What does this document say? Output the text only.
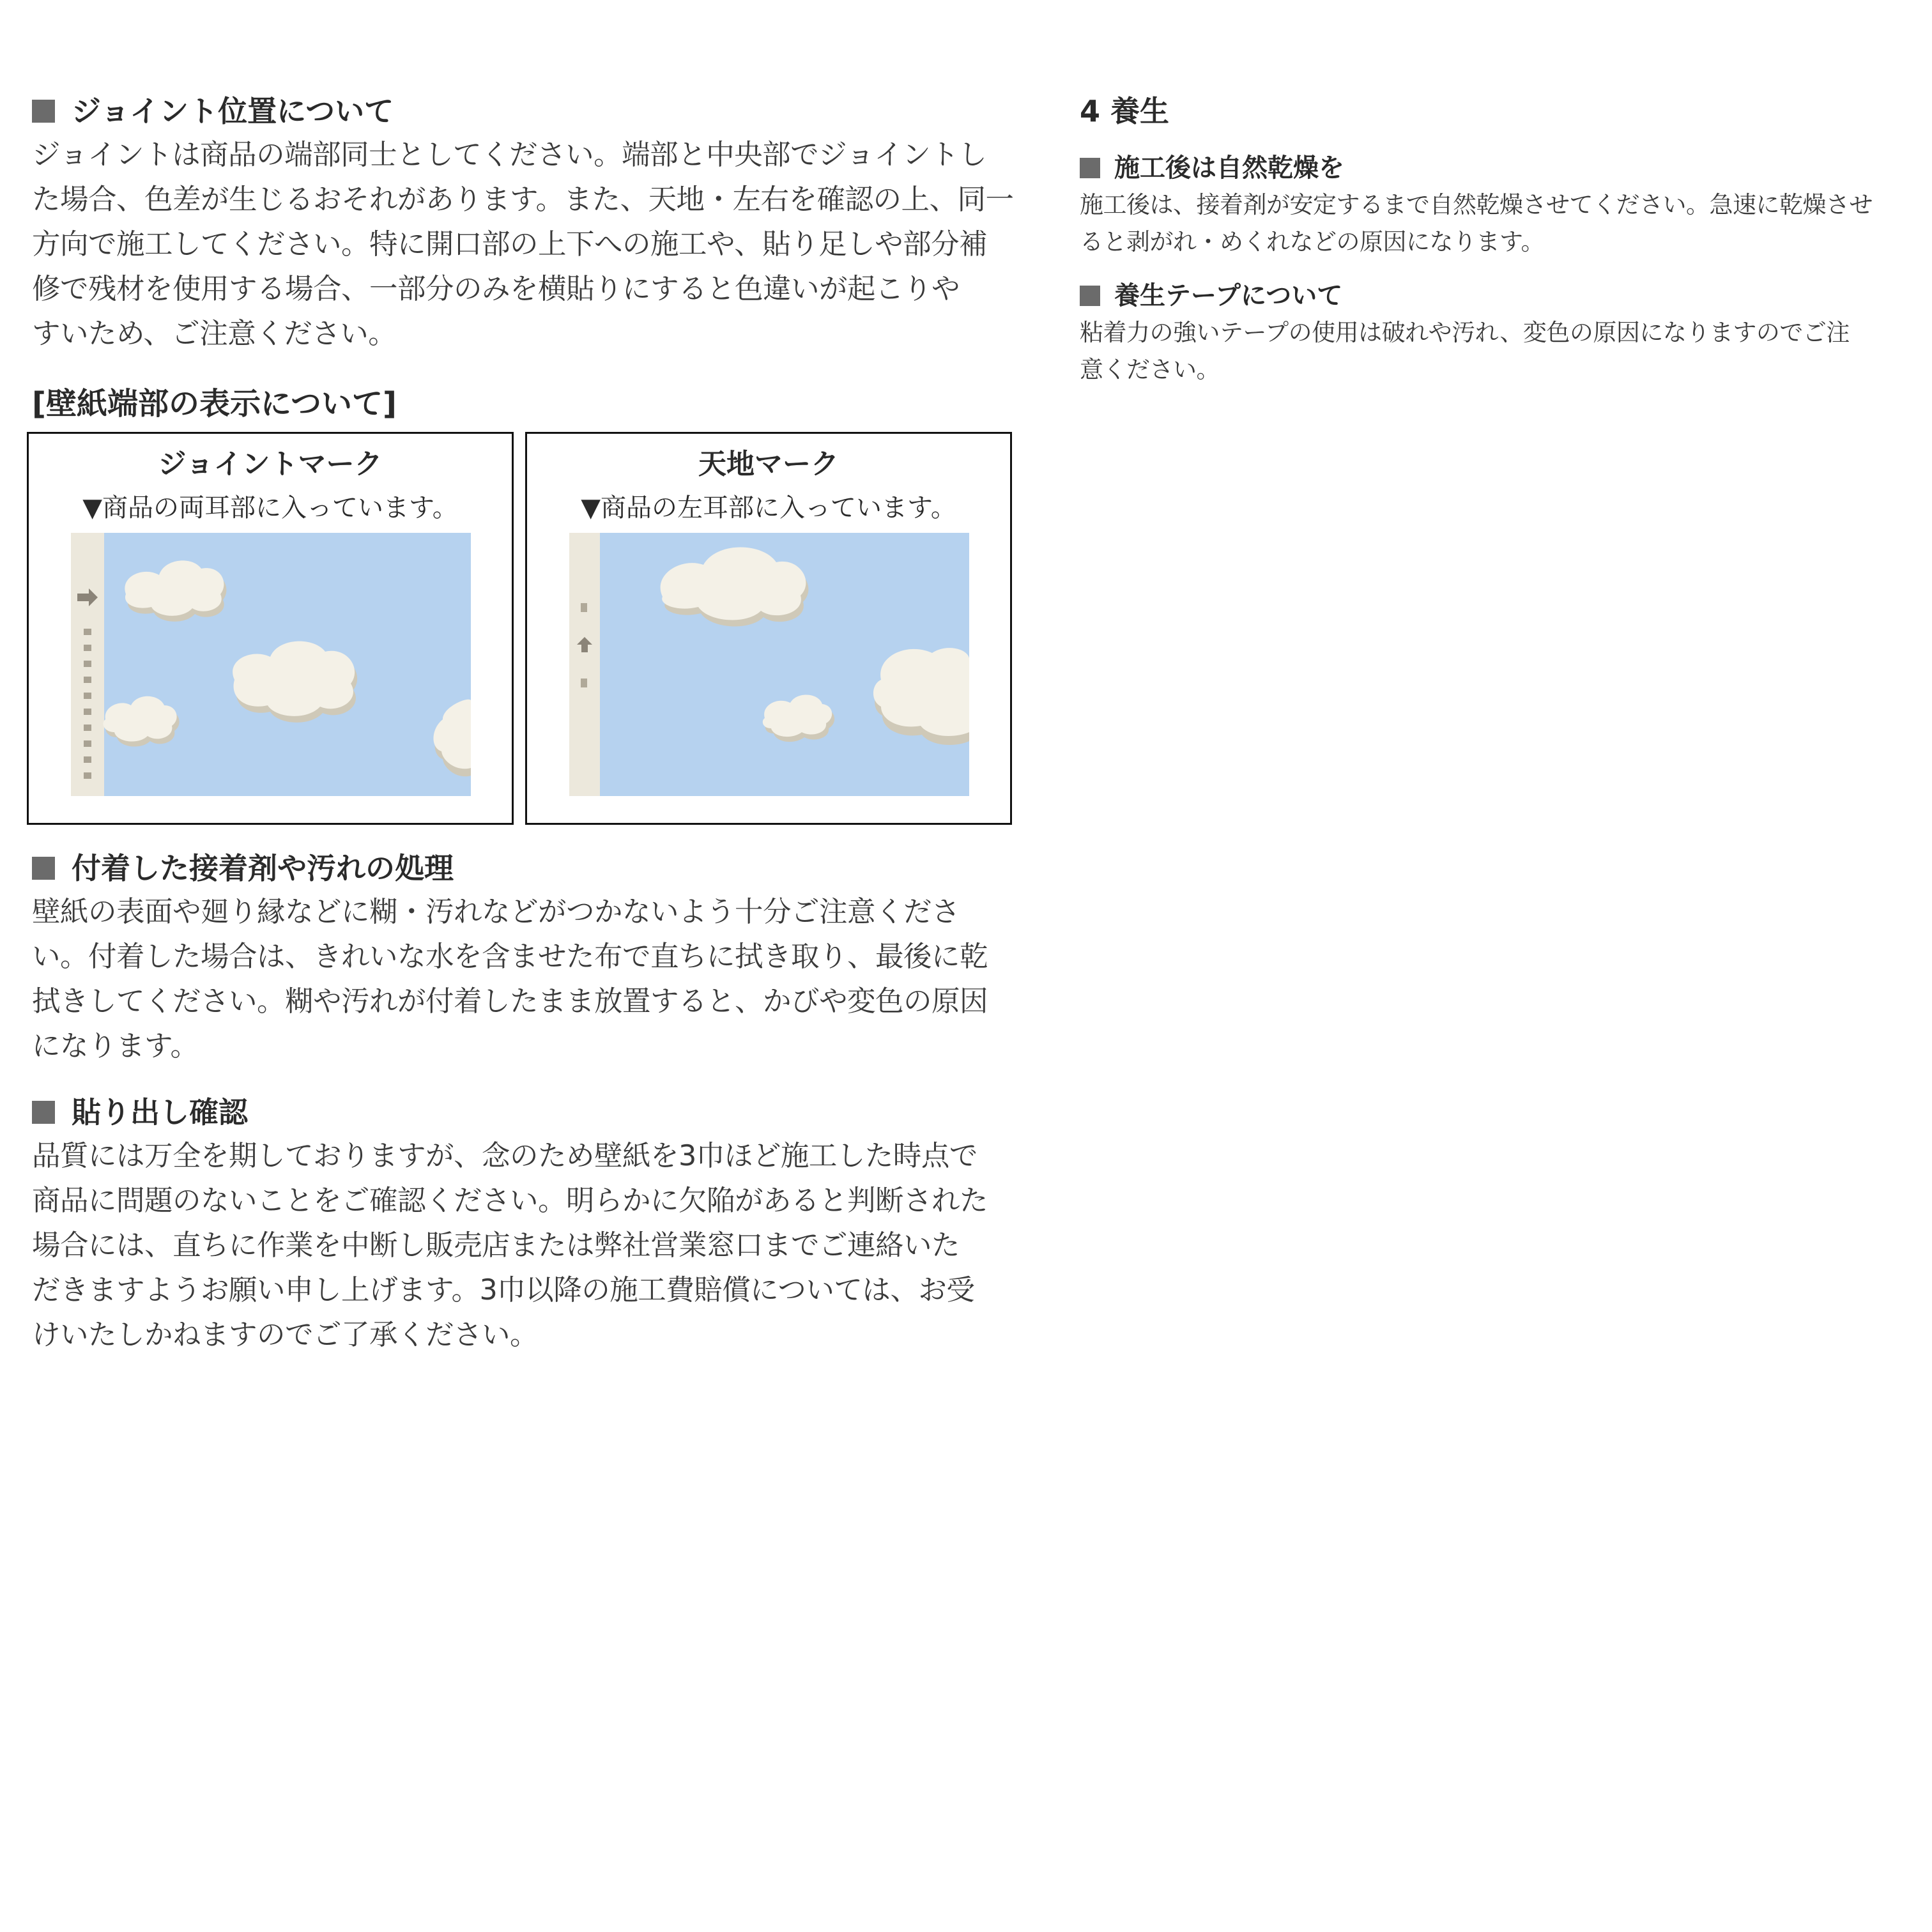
ジョイント位置について

ジョイントは商品の端部同士としてください。端部と中央部でジョイントし
た場合、色差が生じるおそれがあります。また、天地・左右を確認の上、同一
方向で施工してください。特に開口部の上下への施工や、貼り足しや部分補
修で残材を使用する場合、一部分のみを横貼りにすると色違いが起こりや
すいため、ご注意ください。

[壁紙端部の表示について]
ジョイントマーク
▼商品の両耳部に入っています。
天地マーク
▼商品の左耳部に入っています。
付着した接着剤や汚れの処理

壁紙の表面や廻り縁などに糊・汚れなどがつかないよう十分ご注意くださ
い。付着した場合は、きれいな水を含ませた布で直ちに拭き取り、最後に乾
拭きしてください。糊や汚れが付着したまま放置すると、かびや変色の原因
になります。

貼り出し確認

品質には万全を期しておりますが、念のため壁紙を3巾ほど施工した時点で
商品に問題のないことをご確認ください。明らかに欠陥があると判断された
場合には、直ちに作業を中断し販売店または弊社営業窓口までご連絡いた
だきますようお願い申し上げます。3巾以降の施工費賠償については、お受
けいたしかねますのでご了承ください。

4 養生
施工後は自然乾燥を

施工後は、接着剤が安定するまで自然乾燥させてください。急速に乾燥させ
ると剥がれ・めくれなどの原因になります。

養生テープについて

粘着力の強いテープの使用は破れや汚れ、変色の原因になりますのでご注
意ください。
